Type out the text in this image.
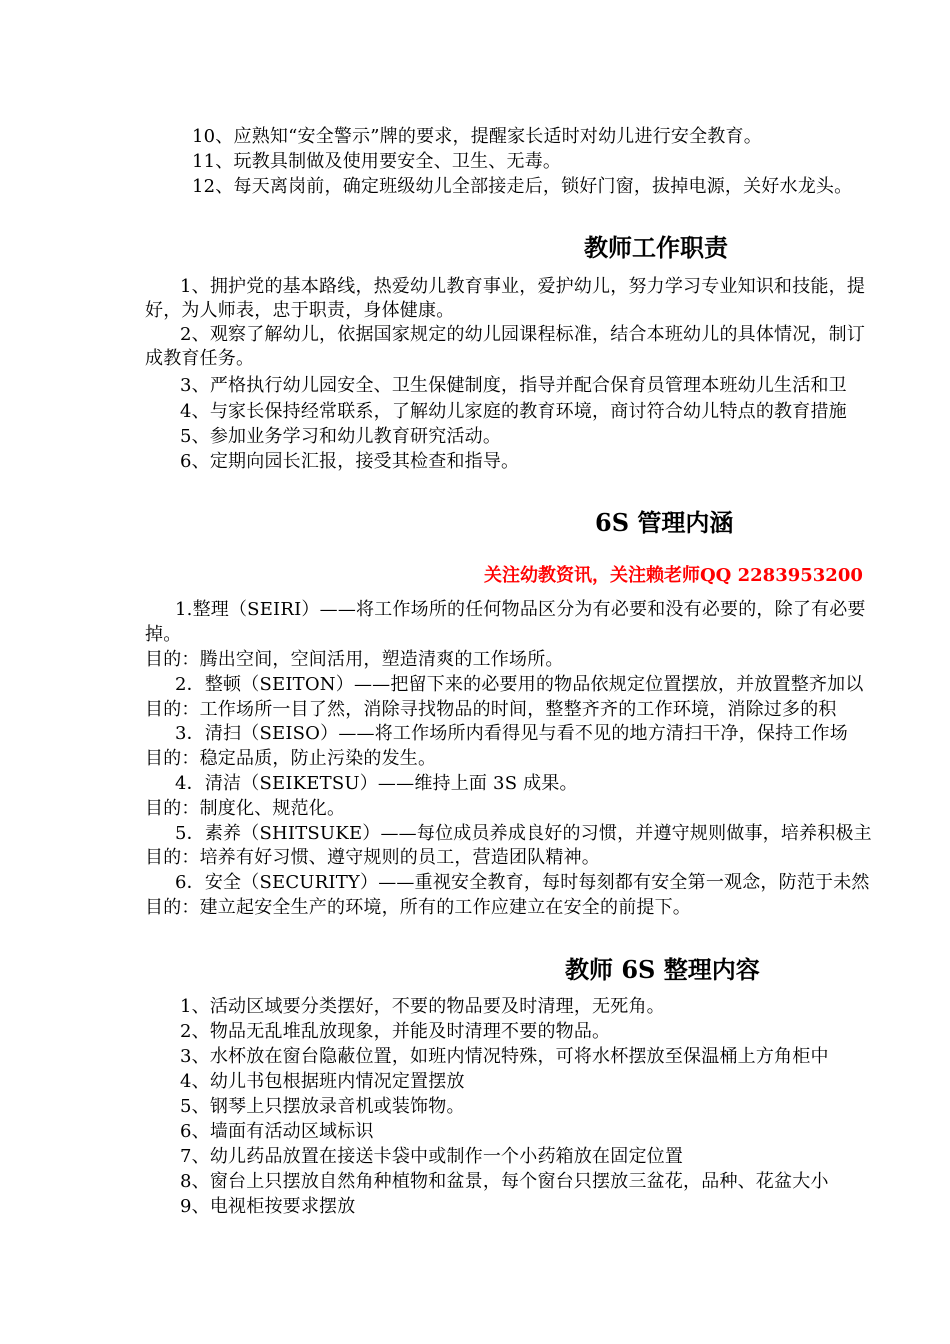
10、应熟知“安全警示”牌的要求，提醒家长适时对幼儿进行安全教育。
11、玩教具制做及使用要安全、卫生、无毒。
12、每天离岗前，确定班级幼儿全部接走后，锁好门窗，拔掉电源，关好水龙头。
教师工作职责
1、拥护党的基本路线，热爱幼儿教育事业，爱护幼儿，努力学习专业知识和技能，提
好，为人师表，忠于职责，身体健康。
2、观察了解幼儿，依据国家规定的幼儿园课程标准，结合本班幼儿的具体情况，制订
成教育任务。
3、严格执行幼儿园安全、卫生保健制度，指导并配合保育员管理本班幼儿生活和卫
4、与家长保持经常联系，了解幼儿家庭的教育环境，商讨符合幼儿特点的教育措施
5、参加业务学习和幼儿教育研究活动。
6、定期向园长汇报，接受其检查和指导。
6S 管理内涵
关注幼教资讯，关注赖老师QQ 2283953200
1.整理（SEIRI）——将工作场所的任何物品区分为有必要和没有必要的，除了有必要
掉。
目的：腾出空间，空间活用，塑造清爽的工作场所。
2．整顿（SEITON）——把留下来的必要用的物品依规定位置摆放，并放置整齐加以
目的：工作场所一目了然，消除寻找物品的时间，整整齐齐的工作环境，消除过多的积
3．清扫（SEISO）——将工作场所内看得见与看不见的地方清扫干净，保持工作场
目的：稳定品质，防止污染的发生。
4．清洁（SEIKETSU）——维持上面 3S 成果。
目的：制度化、规范化。
5．素养（SHITSUKE）——每位成员养成良好的习惯，并遵守规则做事，培养积极主
目的：培养有好习惯、遵守规则的员工，营造团队精神。
6．安全（SECURITY）——重视安全教育，每时每刻都有安全第一观念，防范于未然
目的：建立起安全生产的环境，所有的工作应建立在安全的前提下。
教师 6S 整理内容
1、活动区域要分类摆好，不要的物品要及时清理，无死角。
2、物品无乱堆乱放现象，并能及时清理不要的物品。
3、水杯放在窗台隐蔽位置，如班内情况特殊，可将水杯摆放至保温桶上方角柜中
4、幼儿书包根据班内情况定置摆放
5、钢琴上只摆放录音机或装饰物。
6、墙面有活动区域标识
7、幼儿药品放置在接送卡袋中或制作一个小药箱放在固定位置
8、窗台上只摆放自然角种植物和盆景，每个窗台只摆放三盆花，品种、花盆大小
9、电视柜按要求摆放
